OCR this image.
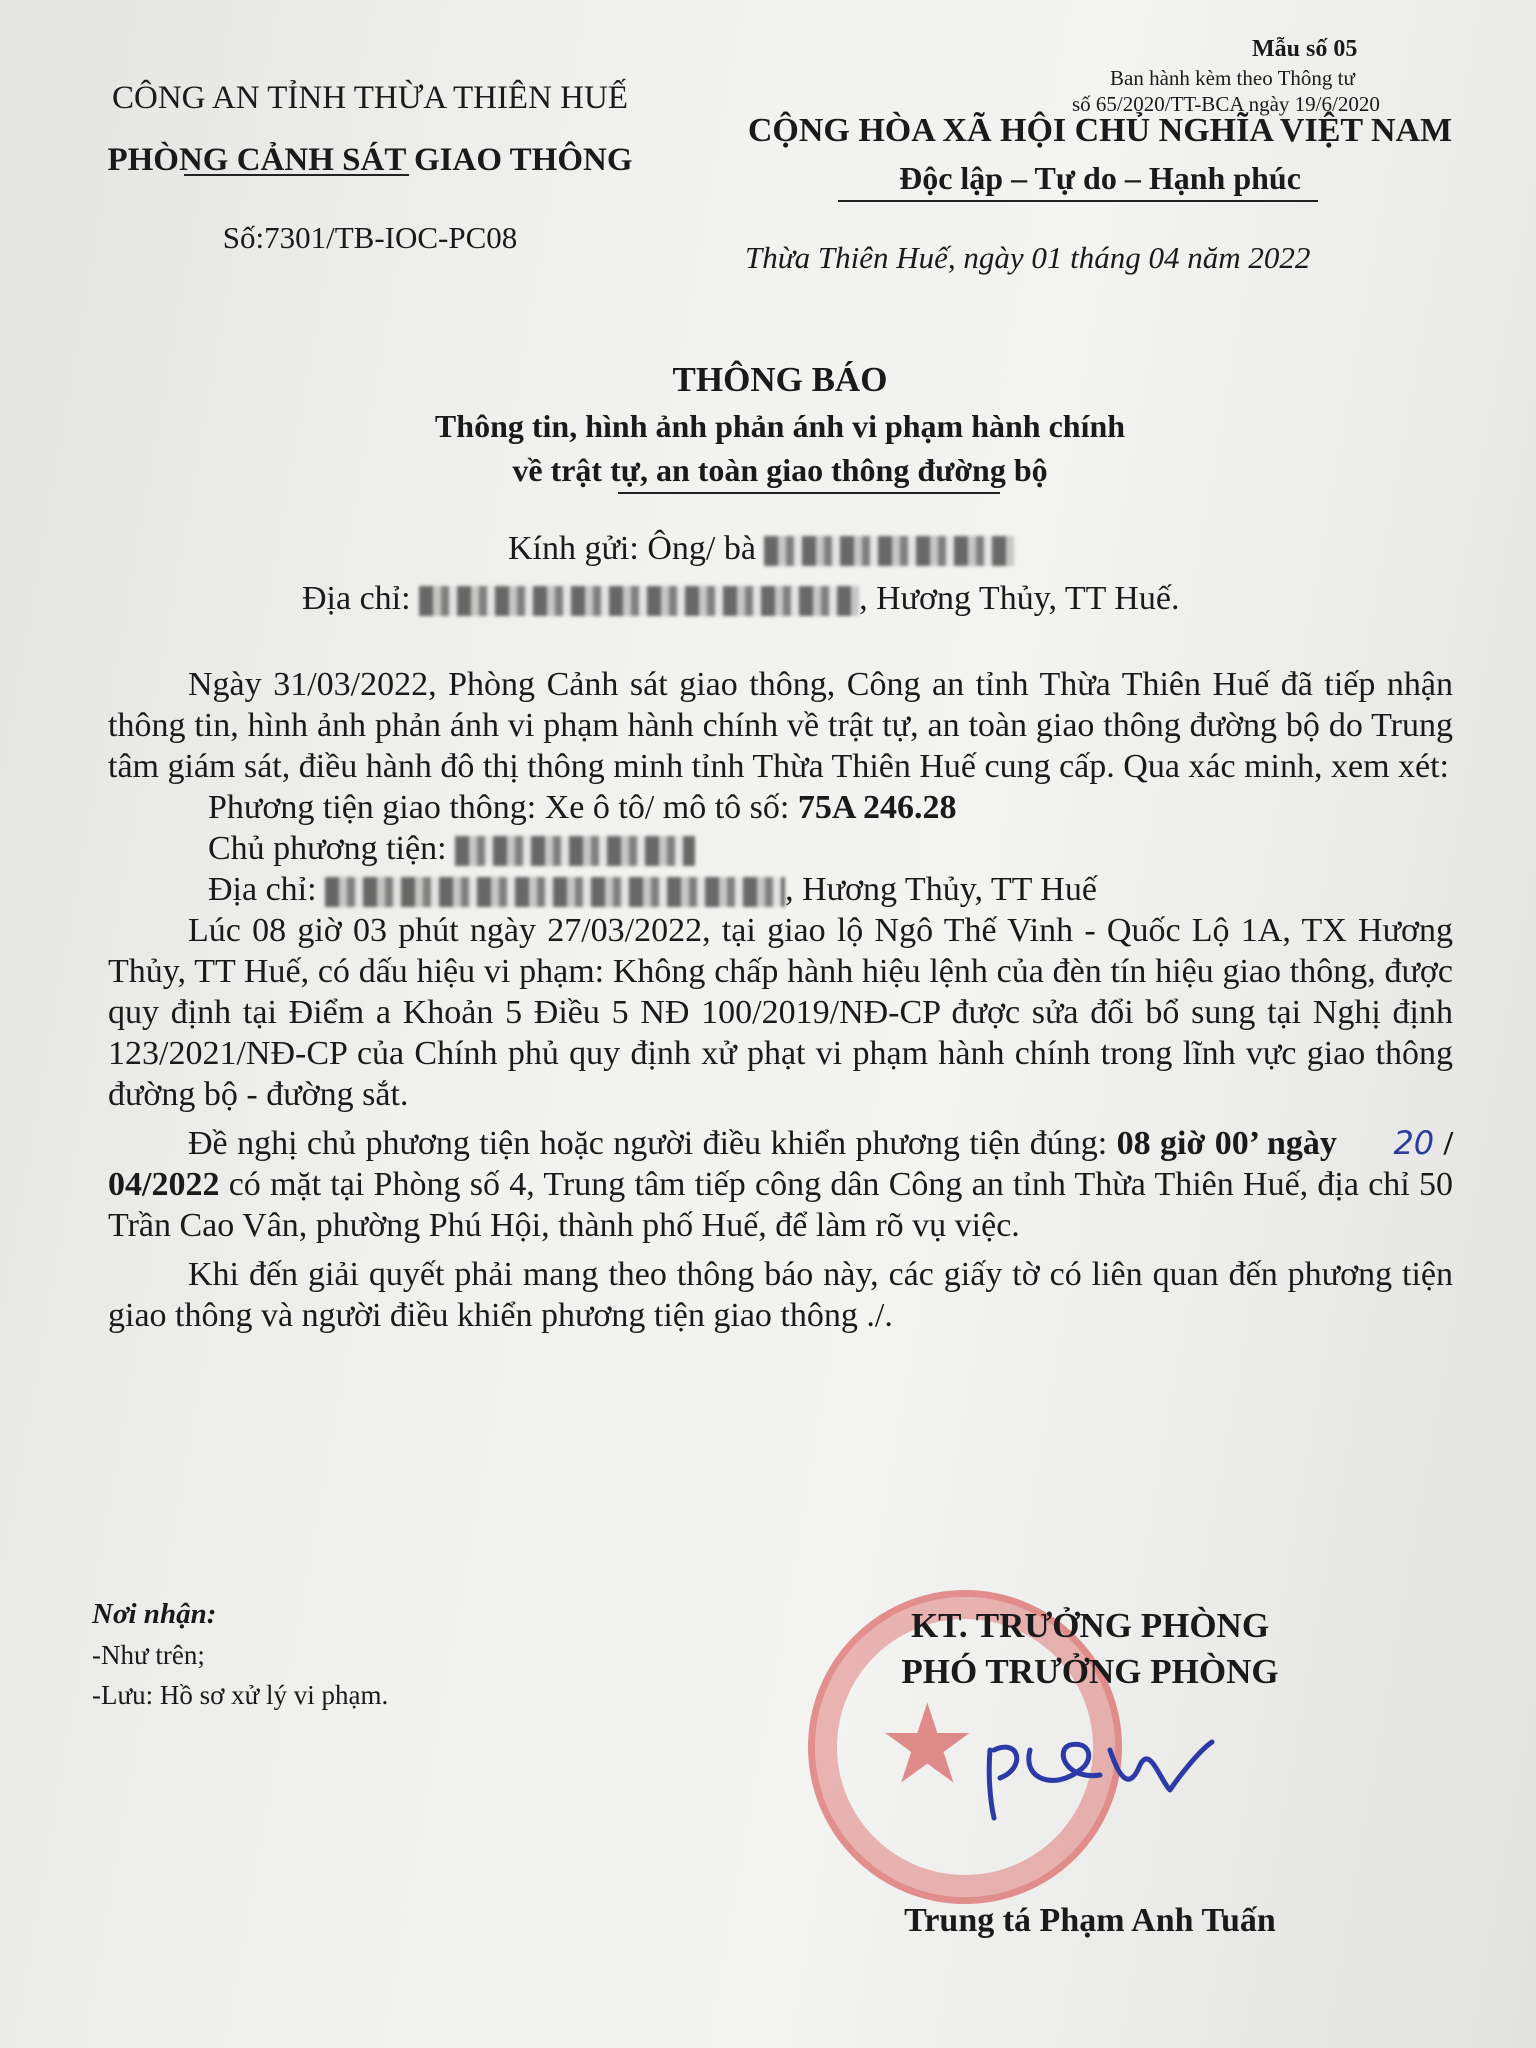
Mẫu số 05
Ban hành kèm theo Thông tư
số 65/2020/TT-BCA ngày 19/6/2020
CÔNG AN TỈNH THỪA THIÊN HUẾ
PHÒNG CẢNH SÁT GIAO THÔNG
Số:7301/TB-IOC-PC08
CỘNG HÒA XÃ HỘI CHỦ NGHĨA VIỆT NAM
Độc lập – Tự do – Hạnh phúc
Thừa Thiên Huế, ngày 01 tháng 04 năm 2022
THÔNG BÁO
Thông tin, hình ảnh phản ánh vi phạm hành chính
về trật tự, an toàn giao thông đường bộ
Kính gửi: Ông/ bà
Địa chỉ:	, Hương Thủy, TT Huế.

Ngày 31/03/2022, Phòng Cảnh sát giao thông, Công an tỉnh Thừa Thiên Huế đã tiếp nhận thông tin, hình ảnh phản ánh vi phạm hành chính về trật tự, an toàn giao thông đường bộ do Trung tâm giám sát, điều hành đô thị thông minh tỉnh Thừa Thiên Huế cung cấp. Qua xác minh, xem xét:

Phương tiện giao thông: Xe ô tô/ mô tô số: 75A 246.28

Chủ phương tiện:

Địa chỉ:	, Hương Thủy, TT Huế

Lúc 08 giờ 03 phút ngày 27/03/2022, tại giao lộ Ngô Thế Vinh - Quốc Lộ 1A, TX Hương Thủy, TT Huế, có dấu hiệu vi phạm: Không chấp hành hiệu lệnh của đèn tín hiệu giao thông, được quy định tại Điểm a Khoản 5 Điều 5 NĐ 100/2019/NĐ-CP được sửa đổi bổ sung tại Nghị định 123/2021/NĐ-CP của Chính phủ quy định xử phạt vi phạm hành chính trong lĩnh vực giao thông đường bộ - đường sắt.

Đề nghị chủ phương tiện hoặc người điều khiển phương tiện đúng: 08 giờ 00’ ngày 20 / 04/2022 có mặt tại Phòng số 4, Trung tâm tiếp công dân Công an tỉnh Thừa Thiên Huế, địa chỉ 50 Trần Cao Vân, phường Phú Hội, thành phố Huế, để làm rõ vụ việc.

Khi đến giải quyết phải mang theo thông báo này, các giấy tờ có liên quan đến phương tiện giao thông và người điều khiển phương tiện giao thông ./.

Nơi nhận:
-Như trên;
-Lưu: Hồ sơ xử lý vi phạm.	★
KT. TRƯỞNG PHÒNG
PHÓ TRƯỞNG PHÒNG
Trung tá Phạm Anh Tuấn
